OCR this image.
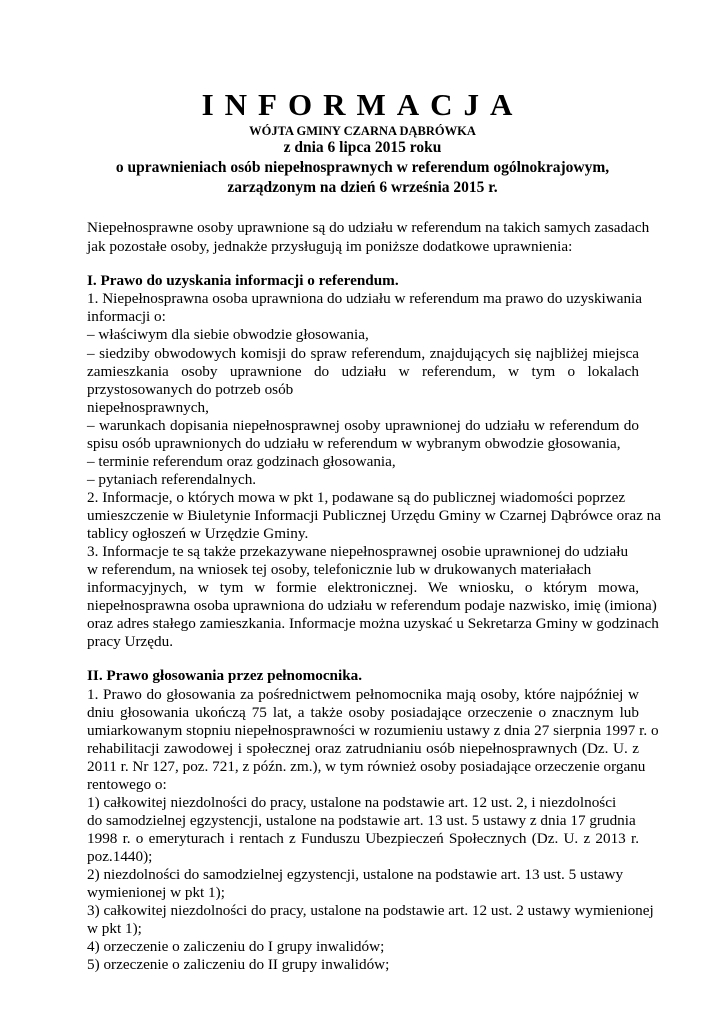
INFORMACJA
WÓJTA GMINY CZARNA DĄBRÓWKA
z dnia 6 lipca 2015 roku
o uprawnieniach osób niepełnosprawnych w referendum ogólnokrajowym,
zarządzonym na dzień 6 września 2015 r.
Niepełnosprawne osoby uprawnione są do udziału w referendum na takich samych zasadach
jak pozostałe osoby, jednakże przysługują im poniższe dodatkowe uprawnienia:
I. Prawo do uzyskania informacji o referendum.
1. Niepełnosprawna osoba uprawniona do udziału w referendum ma prawo do uzyskiwania
informacji o:
– właściwym dla siebie obwodzie głosowania,
– siedziby obwodowych komisji do spraw referendum, znajdujących się najbliżej miejsca
zamieszkania osoby uprawnione do udziału w referendum, w tym o lokalach
przystosowanych do potrzeb osób
niepełnosprawnych,
– warunkach dopisania niepełnosprawnej osoby uprawnionej do udziału w referendum do
spisu osób uprawnionych do udziału w referendum w wybranym obwodzie głosowania,
– terminie referendum oraz godzinach głosowania,
– pytaniach referendalnych.
2. Informacje, o których mowa w pkt 1, podawane są do publicznej wiadomości poprzez
umieszczenie w Biuletynie Informacji Publicznej Urzędu Gminy w Czarnej Dąbrówce oraz na
tablicy ogłoszeń w Urzędzie Gminy.
3. Informacje te są także przekazywane niepełnosprawnej osobie uprawnionej do udziału
w referendum, na wniosek tej osoby, telefonicznie lub w drukowanych materiałach
informacyjnych, w tym w formie elektronicznej. We wniosku, o którym mowa,
niepełnosprawna osoba uprawniona do udziału w referendum podaje nazwisko, imię (imiona)
oraz adres stałego zamieszkania. Informacje można uzyskać u Sekretarza Gminy w godzinach
pracy Urzędu.
II. Prawo głosowania przez pełnomocnika.
1. Prawo do głosowania za pośrednictwem pełnomocnika mają osoby, które najpóźniej w
dniu głosowania ukończą 75 lat, a także osoby posiadające orzeczenie o znacznym lub
umiarkowanym stopniu niepełnosprawności w rozumieniu ustawy z dnia 27 sierpnia 1997 r. o
rehabilitacji zawodowej i społecznej oraz zatrudnianiu osób niepełnosprawnych (Dz. U. z
2011 r. Nr 127, poz. 721, z późn. zm.), w tym również osoby posiadające orzeczenie organu
rentowego o:
1) całkowitej niezdolności do pracy, ustalone na podstawie art. 12 ust. 2, i niezdolności
do samodzielnej egzystencji, ustalone na podstawie art. 13 ust. 5 ustawy z dnia 17 grudnia
1998 r. o emeryturach i rentach z Funduszu Ubezpieczeń Społecznych (Dz. U. z 2013 r.
poz.1440);
2) niezdolności do samodzielnej egzystencji, ustalone na podstawie art. 13 ust. 5 ustawy
wymienionej w pkt 1);
3) całkowitej niezdolności do pracy, ustalone na podstawie art. 12 ust. 2 ustawy wymienionej
w pkt 1);
4) orzeczenie o zaliczeniu do I grupy inwalidów;
5) orzeczenie o zaliczeniu do II grupy inwalidów;
